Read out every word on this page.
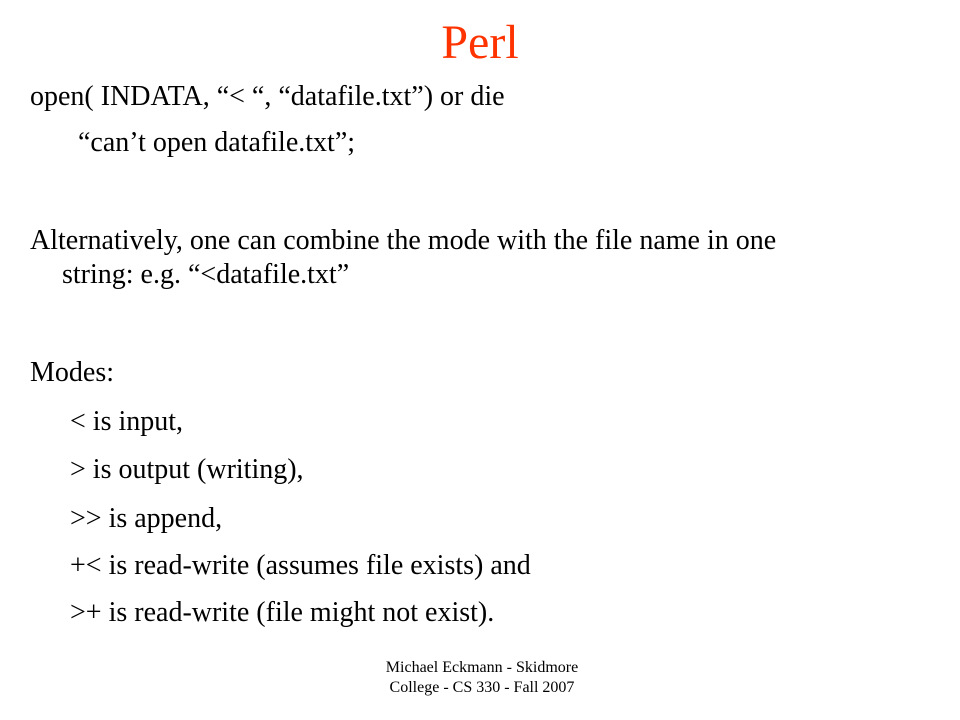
Perl

open( INDATA, “< “, “datafile.txt”) or die

“can’t open datafile.txt”;

Alternatively, one can combine the mode with the file name in one

string: e.g. “<datafile.txt”

Modes:

< is input,

> is output (writing),

>> is append,

+< is read-write (assumes file exists) and

>+ is read-write (file might not exist).

Michael Eckmann - Skidmore
College - CS 330 - Fall 2007
